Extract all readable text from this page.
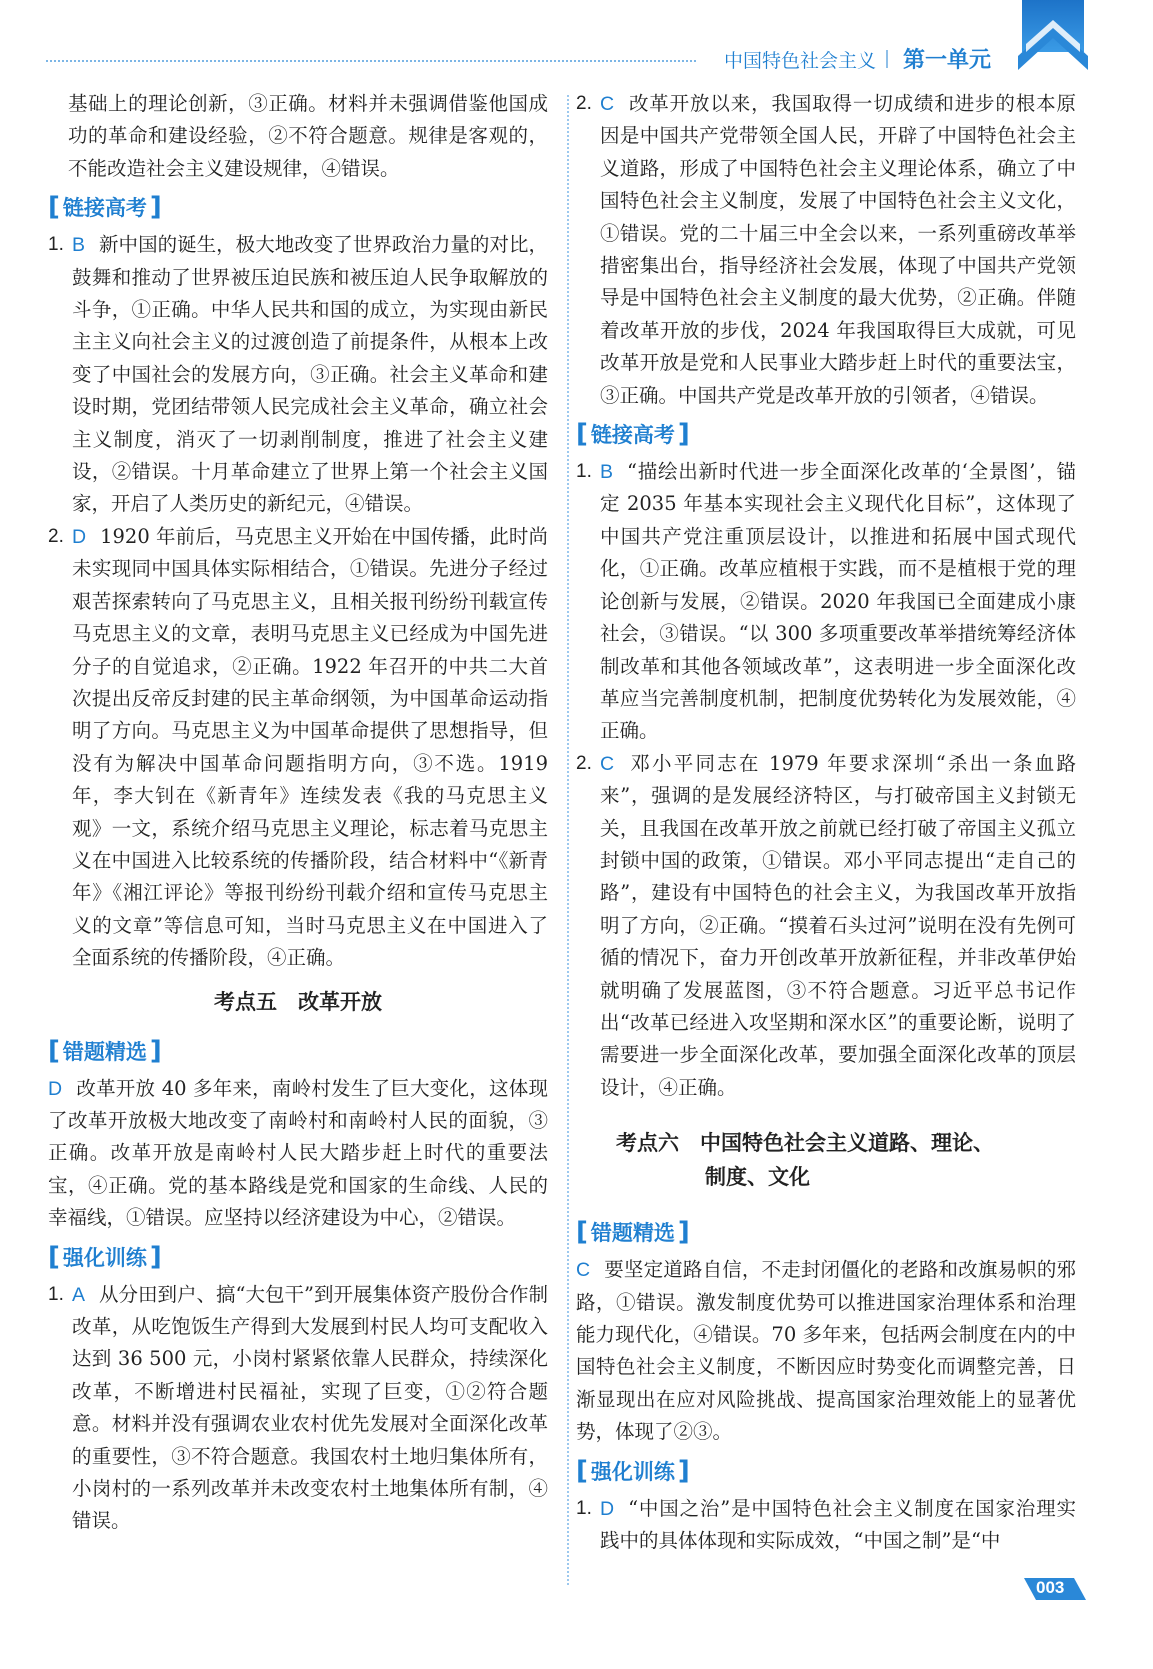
中国特色社会主义 第一单元

基础上的理论创新，③正确。材料并未强调借鉴他国成功的革命和建设经验，②不符合题意。规律是客观的，不能改造社会主义建设规律，④错误。

[ 链接高考 ]
1. B 新中国的诞生，极大地改变了世界政治力量的对比，鼓舞和推动了世界被压迫民族和被压迫人民争取解放的斗争，①正确。中华人民共和国的成立，为实现由新民主主义向社会主义的过渡创造了前提条件，从根本上改变了中国社会的发展方向，③正确。社会主义革命和建设时期，党团结带领人民完成社会主义革命，确立社会主义制度，消灭了一切剥削制度，推进了社会主义建设，②错误。十月革命建立了世界上第一个社会主义国家，开启了人类历史的新纪元，④错误。

2. D 1920 年前后，马克思主义开始在中国传播，此时尚未实现同中国具体实际相结合，①错误。先进分子经过艰苦探索转向了马克思主义，且相关报刊纷纷刊载宣传马克思主义的文章，表明马克思主义已经成为中国先进分子的自觉追求，②正确。1922 年召开的中共二大首次提出反帝反封建的民主革命纲领，为中国革命运动指明了方向。马克思主义为中国革命提供了思想指导，但没有为解决中国革命问题指明方向，③不选。1919 年，李大钊在《新青年》连续发表《我的马克思主义观》一文，系统介绍马克思主义理论，标志着马克思主义在中国进入比较系统的传播阶段，结合材料中“《新青年》《湘江评论》等报刊纷纷刊载介绍和宣传马克思主义的文章”等信息可知，当时马克思主义在中国进入了全面系统的传播阶段，④正确。

考点五　改革开放
[ 错题精选 ]

D 改革开放 40 多年来，南岭村发生了巨大变化，这体现了改革开放极大地改变了南岭村和南岭村人民的面貌，③正确。改革开放是南岭村人民大踏步赶上时代的重要法宝，④正确。党的基本路线是党和国家的生命线、人民的幸福线，①错误。应坚持以经济建设为中心，②错误。

[ 强化训练 ]
1. A 从分田到户、搞“大包干”到开展集体资产股份合作制改革，从吃饱饭生产得到大发展到村民人均可支配收入达到 36 500 元，小岗村紧紧依靠人民群众，持续深化改革，不断增进村民福祉，实现了巨变，①②符合题意。材料并没有强调农业农村优先发展对全面深化改革的重要性，③不符合题意。我国农村土地归集体所有，小岗村的一系列改革并未改变农村土地集体所有制，④错误。

2. C 改革开放以来，我国取得一切成绩和进步的根本原因是中国共产党带领全国人民，开辟了中国特色社会主义道路，形成了中国特色社会主义理论体系，确立了中国特色社会主义制度，发展了中国特色社会主义文化，①错误。党的二十届三中全会以来，一系列重磅改革举措密集出台，指导经济社会发展，体现了中国共产党领导是中国特色社会主义制度的最大优势，②正确。伴随着改革开放的步伐，2024 年我国取得巨大成就，可见改革开放是党和人民事业大踏步赶上时代的重要法宝，③正确。中国共产党是改革开放的引领者，④错误。

[ 链接高考 ]
1. B “描绘出新时代进一步全面深化改革的‘全景图’，锚定 2035 年基本实现社会主义现代化目标”，这体现了中国共产党注重顶层设计，以推进和拓展中国式现代化，①正确。改革应植根于实践，而不是植根于党的理论创新与发展，②错误。2020 年我国已全面建成小康社会，③错误。“以 300 多项重要改革举措统筹经济体制改革和其他各领域改革”，这表明进一步全面深化改革应当完善制度机制，把制度优势转化为发展效能，④正确。

2. C 邓小平同志在 1979 年要求深圳“杀出一条血路来”，强调的是发展经济特区，与打破帝国主义封锁无关，且我国在改革开放之前就已经打破了帝国主义孤立封锁中国的政策，①错误。邓小平同志提出“走自己的路”，建设有中国特色的社会主义，为我国改革开放指明了方向，②正确。“摸着石头过河”说明在没有先例可循的情况下，奋力开创改革开放新征程，并非改革伊始就明确了发展蓝图，③不符合题意。习近平总书记作出“改革已经进入攻坚期和深水区”的重要论断，说明了需要进一步全面深化改革，要加强全面深化改革的顶层设计，④正确。

考点六　中国特色社会主义道路、理论、
制度、文化
[ 错题精选 ]

C 要坚定道路自信，不走封闭僵化的老路和改旗易帜的邪路，①错误。激发制度优势可以推进国家治理体系和治理能力现代化，④错误。70 多年来，包括两会制度在内的中国特色社会主义制度，不断因应时势变化而调整完善，日渐显现出在应对风险挑战、提高国家治理效能上的显著优势，体现了②③。

[ 强化训练 ]
1. D “中国之治”是中国特色社会主义制度在国家治理实践中的具体体现和实际成效，“中国之制”是“中

003
